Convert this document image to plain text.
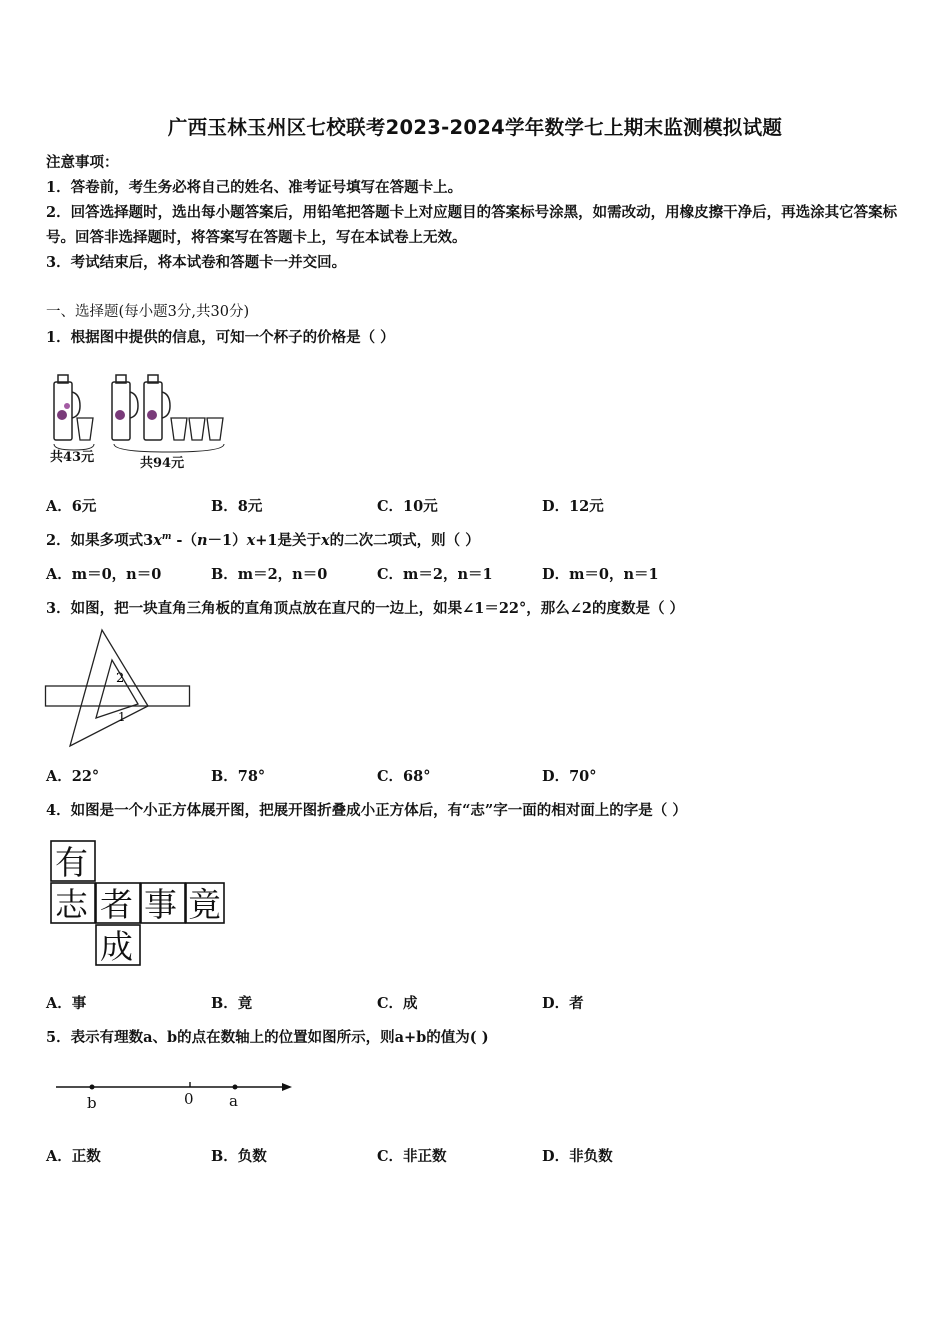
广西玉林玉州区七校联考2023-2024学年数学七上期末监测模拟试题
注意事项：
1．答卷前，考生务必将自己的姓名、准考证号填写在答题卡上。
2．回答选择题时，选出每小题答案后，用铅笔把答题卡上对应题目的答案标号涂黑，如需改动，用橡皮擦干净后，再选涂其它答案标号。回答非选择题时，将答案写在答题卡上，写在本试卷上无效。
3．考试结束后，将本试卷和答题卡一并交回。
一、选择题(每小题3分,共30分)
1．根据图中提供的信息，可知一个杯子的价格是（ ）
共43元	共94元
A．6元	B．8元	C．10元	D．12元
2．如果多项式$3x^m$ -（n－1）x+1是关于x的二次二项式，则（ ）
A．m＝0，n＝0	B．m＝2，n＝0	C．m＝2，n＝1	D．m＝0，n＝1
3．如图，把一块直角三角板的直角顶点放在直尺的一边上，如果∠1＝22°，那么∠2的度数是（ ）
2
1
A．22°	B．78°	C．68°	D．70°
4．如图是一个小正方体展开图，把展开图折叠成小正方体后，有“志”字一面的相对面上的字是（ ）
有
志 者 事 竟
成
A．事	B．竟	C．成	D．者
5．表示有理数a、b的点在数轴上的位置如图所示，则a+b的值为( )
b	0 a
A．正数	B．负数	C．非正数	D．非负数
